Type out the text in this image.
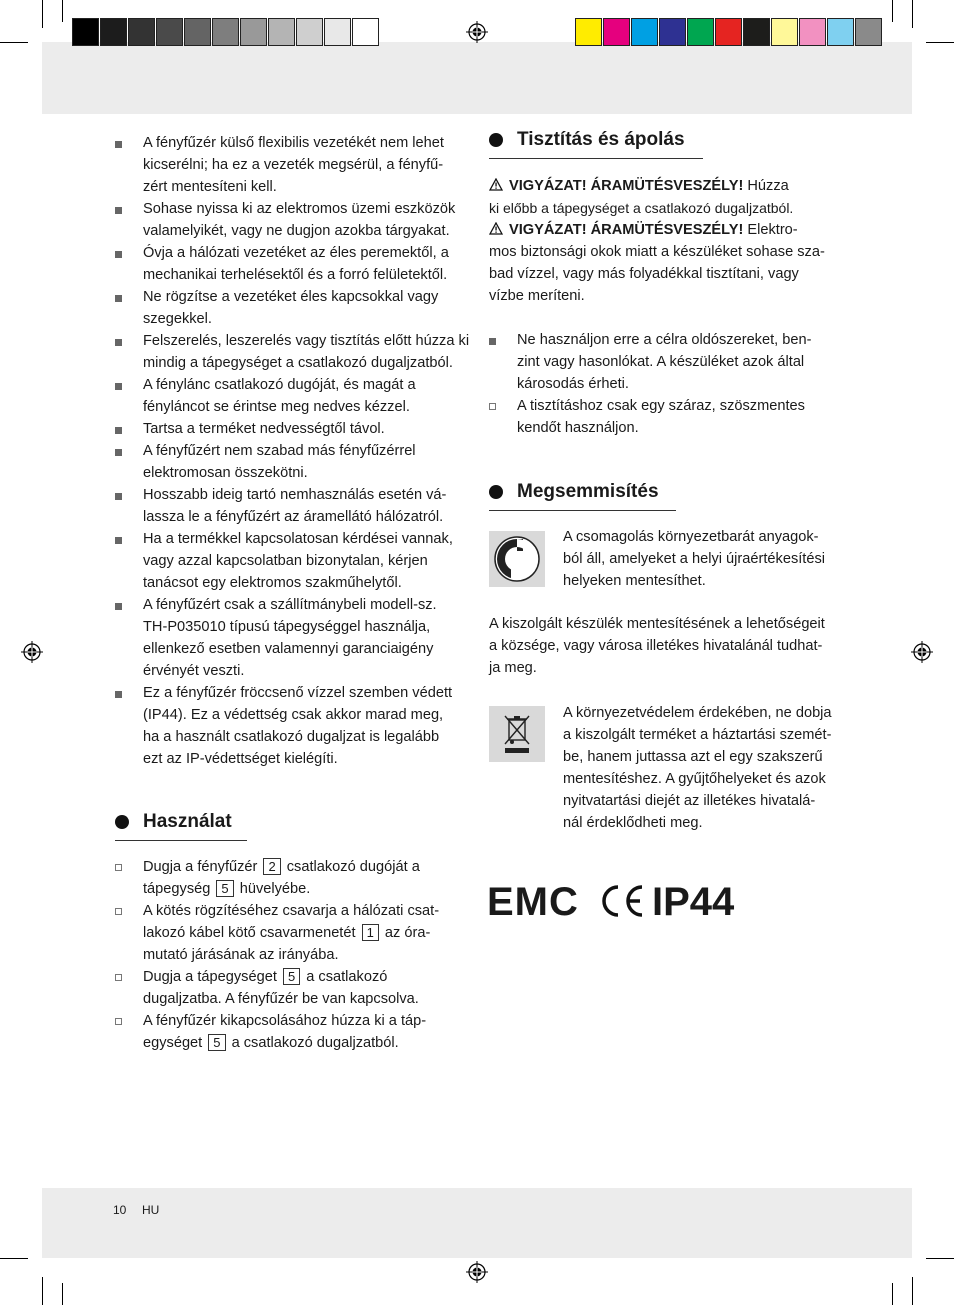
A fényfűzér külső flexibilis vezetékét nem lehet
kicserélni; ha ez a vezeték megsérül, a fényfű-
zért mentesíteni kell.
Sohase nyissa ki az elektromos üzemi eszközök
valamelyikét, vagy ne dugjon azokba tárgyakat.
Óvja a hálózati vezetéket az éles peremektől, a
mechanikai terhelésektől és a forró felületektől.
Ne rögzítse a vezetéket éles kapcsokkal vagy
szegekkel.
Felszerelés, leszerelés vagy tisztítás előtt húzza ki
mindig a tápegységet a csatlakozó dugaljzatból.
A fénylánc csatlakozó dugóját, és magát a
fényláncot se érintse meg nedves kézzel.
Tartsa a terméket nedvességtől távol.
A fényfűzért nem szabad más fényfűzérrel
elektromosan összekötni.
Hosszabb ideig tartó nemhasználás esetén vá-
lassza le a fényfűzért az áramellátó hálózatról.
Ha a termékkel kapcsolatosan kérdései vannak,
vagy azzal kapcsolatban bizonytalan, kérjen
tanácsot egy elektromos szakműhelytől.
A fényfűzért csak a szállítmánybeli modell-sz.
TH-P035010 típusú tápegységgel használja,
ellenkező esetben valamennyi garanciaigény
érvényét veszti.
Ez a fényfűzér fröccsenő vízzel szemben védett
(IP44). Ez a védettség csak akkor marad meg,
ha a használt csatlakozó dugaljzat is legalább
ezt az IP-védettséget kielégíti.
Használat
Dugja a fényfűzér 2 csatlakozó dugóját a
tápegység 5 hüvelyébe.
A kötés rögzítéséhez csavarja a hálózati csat-
lakozó kábel kötő csavarmenetét 1 az óra-
mutató járásának az irányába.
Dugja a tápegységet 5 a csatlakozó
dugaljzatba. A fényfűzér be van kapcsolva.
A fényfűzér kikapcsolásához húzza ki a táp-
egységet 5 a csatlakozó dugaljzatból.
Tisztítás és ápolás
VIGYÁZAT! ÁRAMÜTÉSVESZÉLY! Húzza
ki előbb a tápegységet a csatlakozó dugaljzatból.
VIGYÁZAT! ÁRAMÜTÉSVESZÉLY! Elektro-
mos biztonsági okok miatt a készüléket sohase sza-
bad vízzel, vagy más folyadékkal tisztítani, vagy
vízbe meríteni.
Ne használjon erre a célra oldószereket, ben-
zint vagy hasonlókat. A készüléket azok által
károsodás érheti.
A tisztításhoz csak egy száraz, szöszmentes
kendőt használjon.
Megsemmisítés
A csomagolás környezetbarát anyagok-
ból áll, amelyeket a helyi újraértékesítési
helyeken mentesíthet.
A kiszolgált készülék mentesítésének a lehetőségeit
a községe, vagy városa illetékes hivatalánál tudhat-
ja meg.
A környezetvédelem érdekében, ne dobja
a kiszolgált terméket a háztartási szemét-
be, hanem juttassa azt el egy szakszerű
mentesítéshez. A gyűjtőhelyeket és azok
nyitvatartási diejét az illetékes hivatalá-
nál érdeklődheti meg.
EMC IP44
10 HU
